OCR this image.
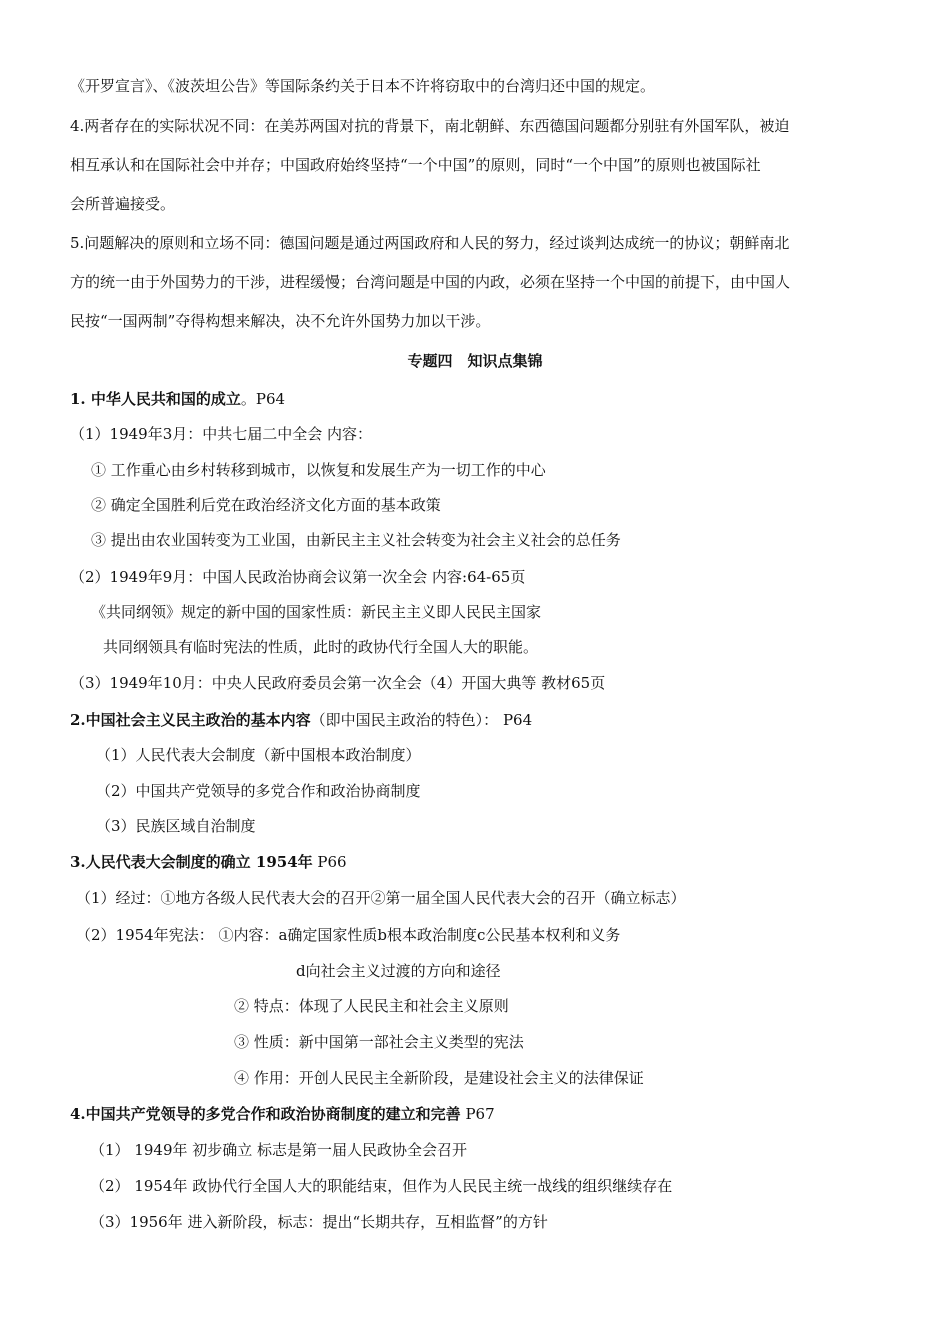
《开罗宣言》、《波茨坦公告》等国际条约关于日本不许将窃取中的台湾归还中国的规定。
4.两者存在的实际状况不同：在美苏两国对抗的背景下，南北朝鲜、东西德国问题都分别驻有外国军队，被迫
相互承认和在国际社会中并存；中国政府始终坚持“一个中国”的原则，同时“一个中国”的原则也被国际社
会所普遍接受。
5.问题解决的原则和立场不同：德国问题是通过两国政府和人民的努力，经过谈判达成统一的协议；朝鲜南北
方的统一由于外国势力的干涉，进程缓慢；台湾问题是中国的内政，必须在坚持一个中国的前提下，由中国人
民按“一国两制”夺得构想来解决，决不允许外国势力加以干涉。
专题四　知识点集锦
1. 中华人民共和国的成立。P64
（1）1949年3月：中共七届二中全会 内容：
① 工作重心由乡村转移到城市，以恢复和发展生产为一切工作的中心
② 确定全国胜利后党在政治经济文化方面的基本政策
③ 提出由农业国转变为工业国，由新民主主义社会转变为社会主义社会的总任务
（2）1949年9月：中国人民政治协商会议第一次全会 内容:64-65页
《共同纲领》规定的新中国的国家性质：新民主主义即人民民主国家
共同纲领具有临时宪法的性质，此时的政协代行全国人大的职能。
（3）1949年10月：中央人民政府委员会第一次全会（4）开国大典等 教材65页
2.中国社会主义民主政治的基本内容（即中国民主政治的特色）： P64
（1）人民代表大会制度（新中国根本政治制度）
（2）中国共产党领导的多党合作和政治协商制度
（3）民族区域自治制度
3.人民代表大会制度的确立 1954年 P66
（1）经过：①地方各级人民代表大会的召开②第一届全国人民代表大会的召开（确立标志）
（2）1954年宪法： ①内容：a确定国家性质b根本政治制度c公民基本权利和义务
d向社会主义过渡的方向和途径
② 特点：体现了人民民主和社会主义原则
③ 性质：新中国第一部社会主义类型的宪法
④ 作用：开创人民民主全新阶段，是建设社会主义的法律保证
4.中国共产党领导的多党合作和政治协商制度的建立和完善 P67
（1） 1949年 初步确立 标志是第一届人民政协全会召开
（2） 1954年 政协代行全国人大的职能结束，但作为人民民主统一战线的组织继续存在
（3）1956年 进入新阶段，标志：提出“长期共存，互相监督”的方针
